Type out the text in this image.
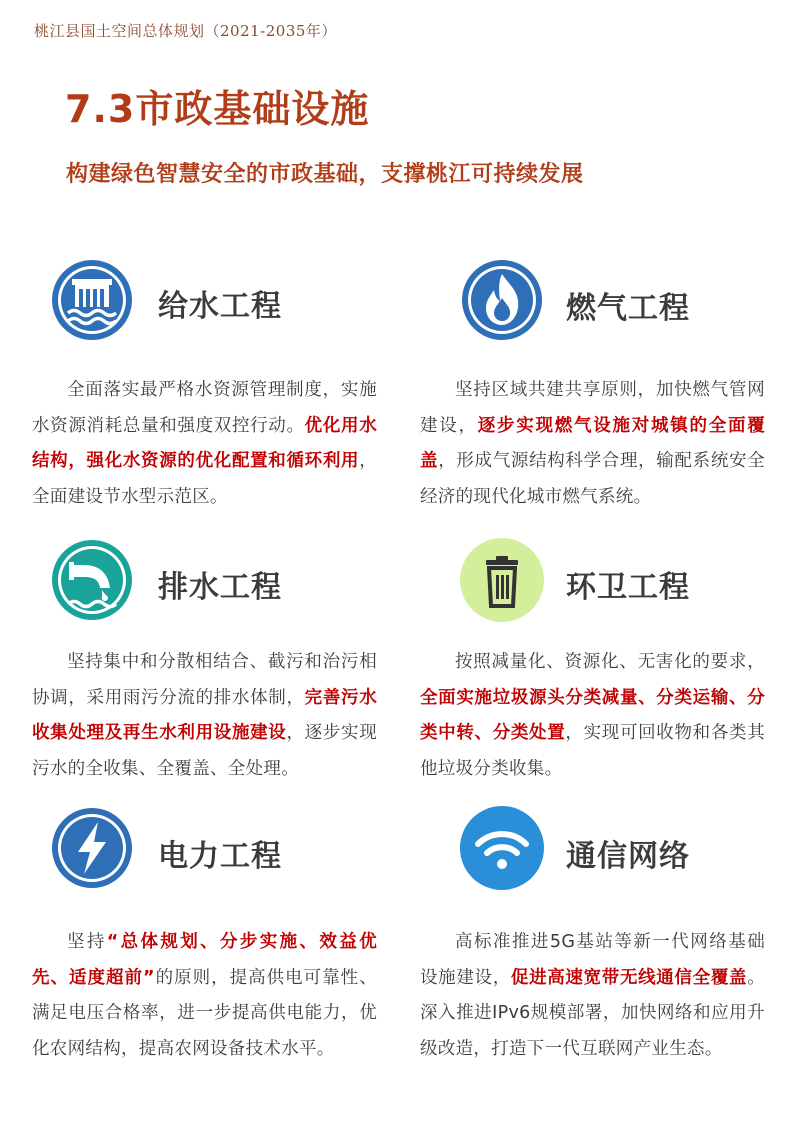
桃江县国土空间总体规划（2021-2035年）
7.3市政基础设施
构建绿色智慧安全的市政基础，支撑桃江可持续发展
给水工程
全面落实最严格水资源管理制度，实施水资源消耗总量和强度双控行动。优化用水结构，强化水资源的优化配置和循环利用，全面建设节水型示范区。
燃气工程
坚持区域共建共享原则，加快燃气管网建设，逐步实现燃气设施对城镇的全面覆盖，形成气源结构科学合理，输配系统安全经济的现代化城市燃气系统。
排水工程
坚持集中和分散相结合、截污和治污相协调，采用雨污分流的排水体制，完善污水收集处理及再生水利用设施建设，逐步实现污水的全收集、全覆盖、全处理。
环卫工程
按照减量化、资源化、无害化的要求，全面实施垃圾源头分类减量、分类运输、分类中转、分类处置，实现可回收物和各类其他垃圾分类收集。
电力工程
坚持“总体规划、分步实施、效益优先、适度超前”的原则，提高供电可靠性、满足电压合格率，进一步提高供电能力，优化农网结构，提高农网设备技术水平。
通信网络
高标准推进5G基站等新一代网络基础设施建设，促进高速宽带无线通信全覆盖。深入推进IPv6规模部署，加快网络和应用升级改造，打造下一代互联网产业生态。
